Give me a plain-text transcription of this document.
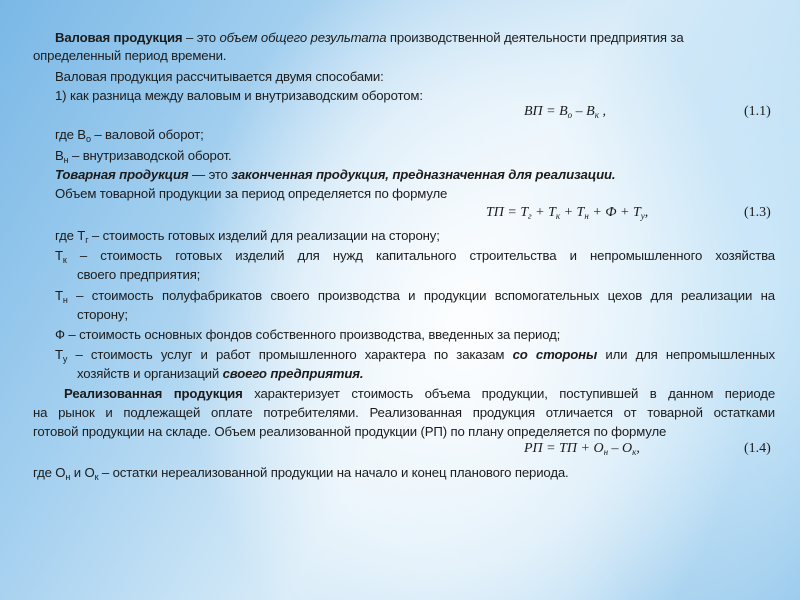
Валовая продукция – это объем общего результата производственной деятельности предприятия за
определенный период времени.
Валовая продукция рассчитывается двумя способами:
1) как разница между валовым и внутризаводским оборотом:
ВП = $В_о - В_к$ ,	(1.1)
где $В_о$ – валовой оборот;
$В_н$ – внутризаводской оборот.
Товарная продукция — это законченная продукция, предназначенная для реализации.
Объем товарной продукции за период определяется по формуле
ТП = $Т_г + Т_к + Т_н + Ф + Т_у$,	(1.3)
где $Т_г$ – стоимость готовых изделий для реализации на сторону;
$Т_к$ – стоимость готовых изделий для нужд капитального строительства и непромышленного хозяйства
своего предприятия;
$Т_н$ – стоимость полуфабрикатов своего производства и продукции вспомогательных цехов для реализации на
сторону;
Ф – стоимость основных фондов собственного производства, введенных за период;
$Т_у$ – стоимость услуг и работ промышленного характера по заказам со стороны или для непромышленных
хозяйств и организаций своего предприятия.
Реализованная продукция характеризует стоимость объема продукции, поступившей в данном периоде
на рынок и подлежащей оплате потребителями. Реализованная продукция отличается от товарной остатками
готовой продукции на складе. Объем реализованной продукции (РП) по плану определяется по формуле
РП = ТП + $О_н - О_к$,	(1.4)
где $О_н$ и $О_к$ – остатки нереализованной продукции на начало и конец планового периода.
